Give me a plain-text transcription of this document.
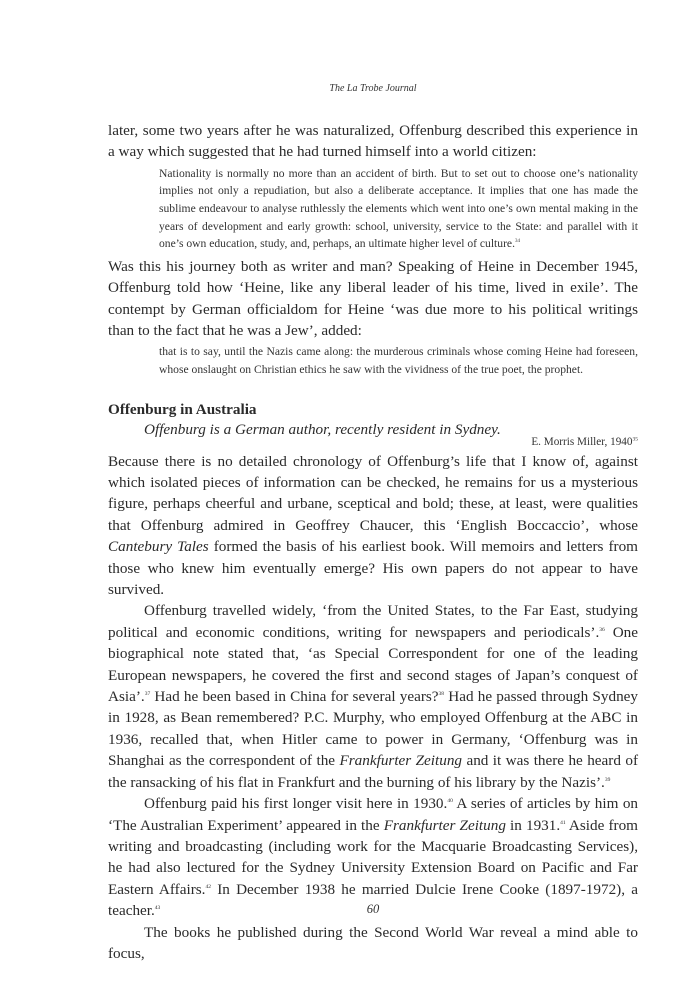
The La Trobe Journal

later, some two years after he was naturalized, Offenburg described this experience in a way which suggested that he had turned himself into a world citizen:

Nationality is normally no more than an accident of birth. But to set out to choose one’s nationality implies not only a repudiation, but also a deliberate acceptance. It implies that one has made the sublime endeavour to analyse ruthlessly the elements which went into one’s own mental making in the years of development and early growth: school, university, service to the State: and parallel with it one’s own education, study, and, perhaps, an ultimate higher level of culture.$^{34}$

Was this his journey both as writer and man? Speaking of Heine in December 1945, Offenburg told how ‘Heine, like any liberal leader of his time, lived in exile’. The contempt by German officialdom for Heine ‘was due more to his political writings than to the fact that he was a Jew’, added:

that is to say, until the Nazis came along: the murderous criminals whose coming Heine had foreseen, whose onslaught on Christian ethics he saw with the vividness of the true poet, the prophet.
Offenburg in Australia
Offenburg is a German author, recently resident in Sydney.
E. Morris Miller, 1940$^{35}$

Because there is no detailed chronology of Offenburg’s life that I know of, against which isolated pieces of information can be checked, he remains for us a mysterious figure, perhaps cheerful and urbane, sceptical and bold; these, at least, were qualities that Offenburg admired in Geoffrey Chaucer, this ‘English Boccaccio’, whose Cantebury Tales formed the basis of his earliest book. Will memoirs and letters from those who knew him eventually emerge? His own papers do not appear to have survived.

Offenburg travelled widely, ‘from the United States, to the Far East, studying political and economic conditions, writing for newspapers and periodicals’.$^{36}$ One biographical note stated that, ‘as Special Correspondent for one of the leading European newspapers, he covered the first and second stages of Japan’s conquest of Asia’.$^{37}$ Had he been based in China for several years?$^{38}$ Had he passed through Sydney in 1928, as Bean remembered? P.C. Murphy, who employed Offenburg at the ABC in 1936, recalled that, when Hitler came to power in Germany, ‘Offenburg was in Shanghai as the correspondent of the Frankfurter Zeitung and it was there he heard of the ransacking of his flat in Frankfurt and the burning of his library by the Nazis’.$^{39}$

Offenburg paid his first longer visit here in 1930.40 A series of articles by him on ‘The Australian Experiment’ appeared in the Frankfurter Zeitung in 1931.41 Aside from writing and broadcasting (including work for the Macquarie Broadcasting Services), he had also lectured for the Sydney University Extension Board on Pacific and Far Eastern Affairs.$^{42}$ In December 1938 he married Dulcie Irene Cooke (1897-1972), a teacher.$^{43}$

The books he published during the Second World War reveal a mind able to focus,

60
